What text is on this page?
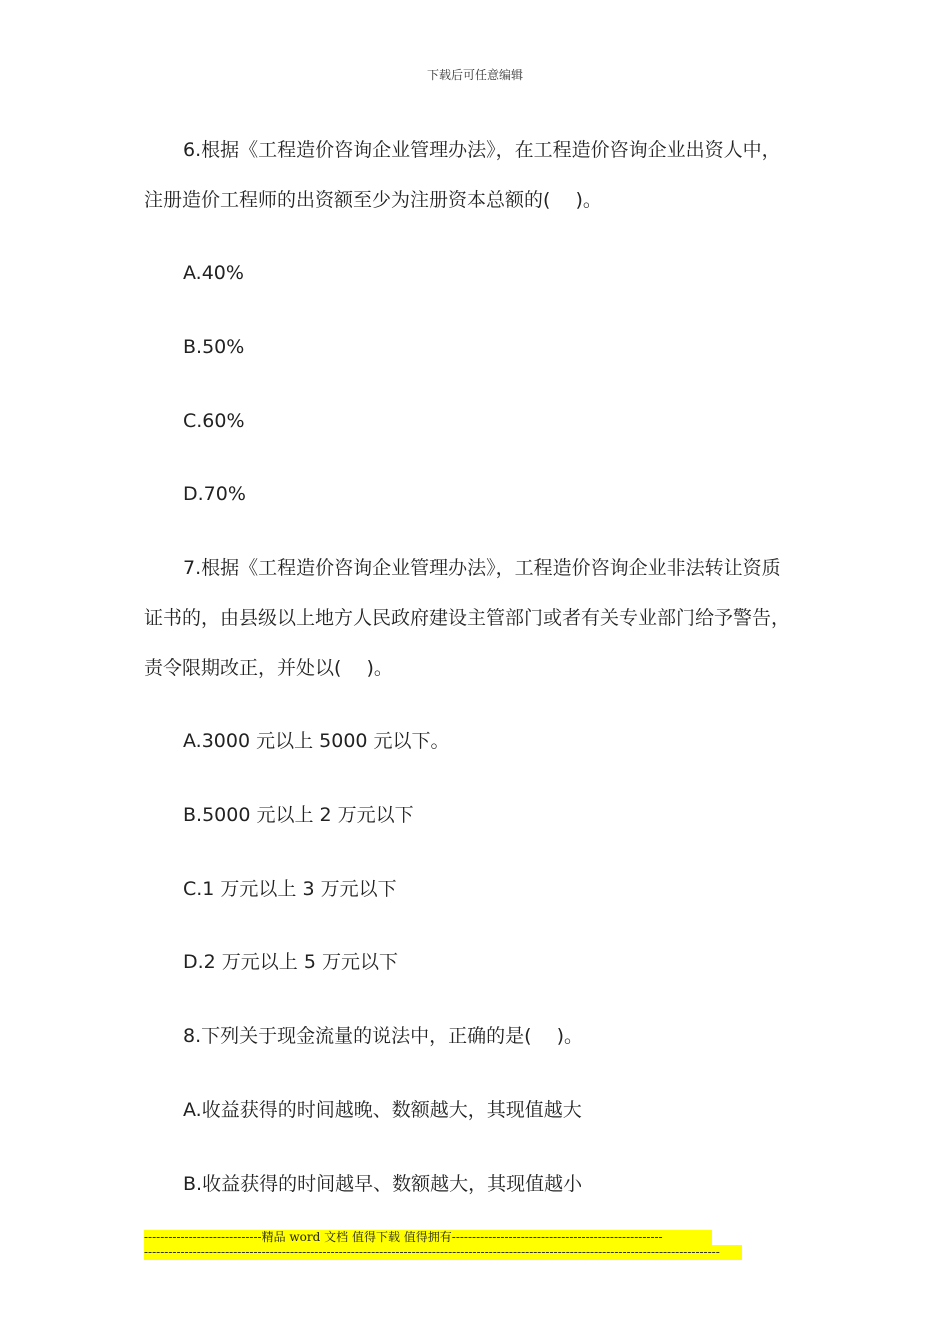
下载后可任意编辑
6.根据《工程造价咨询企业管理办法》，在工程造价咨询企业出资人中，
注册造价工程师的出资额至少为注册资本总额的(　 )。
A.40%
B.50%
C.60%
D.70%
7.根据《工程造价咨询企业管理办法》，工程造价咨询企业非法转让资质
证书的，由县级以上地方人民政府建设主管部门或者有关专业部门给予警告，
责令限期改正，并处以(　 )。
A.3000 元以上 5000 元以下。
B.5000 元以上 2 万元以下
C.1 万元以上 3 万元以下
D.2 万元以上 5 万元以下
8.下列关于现金流量的说法中，正确的是(　 )。
A.收益获得的时间越晚、数额越大，其现值越大
B.收益获得的时间越早、数额越大，其现值越小
-----------------------------精品 word 文档 值得下载 值得拥有----------------------------------------------------
----------------------------------------------------------------------------------------------------------------------------------------------
